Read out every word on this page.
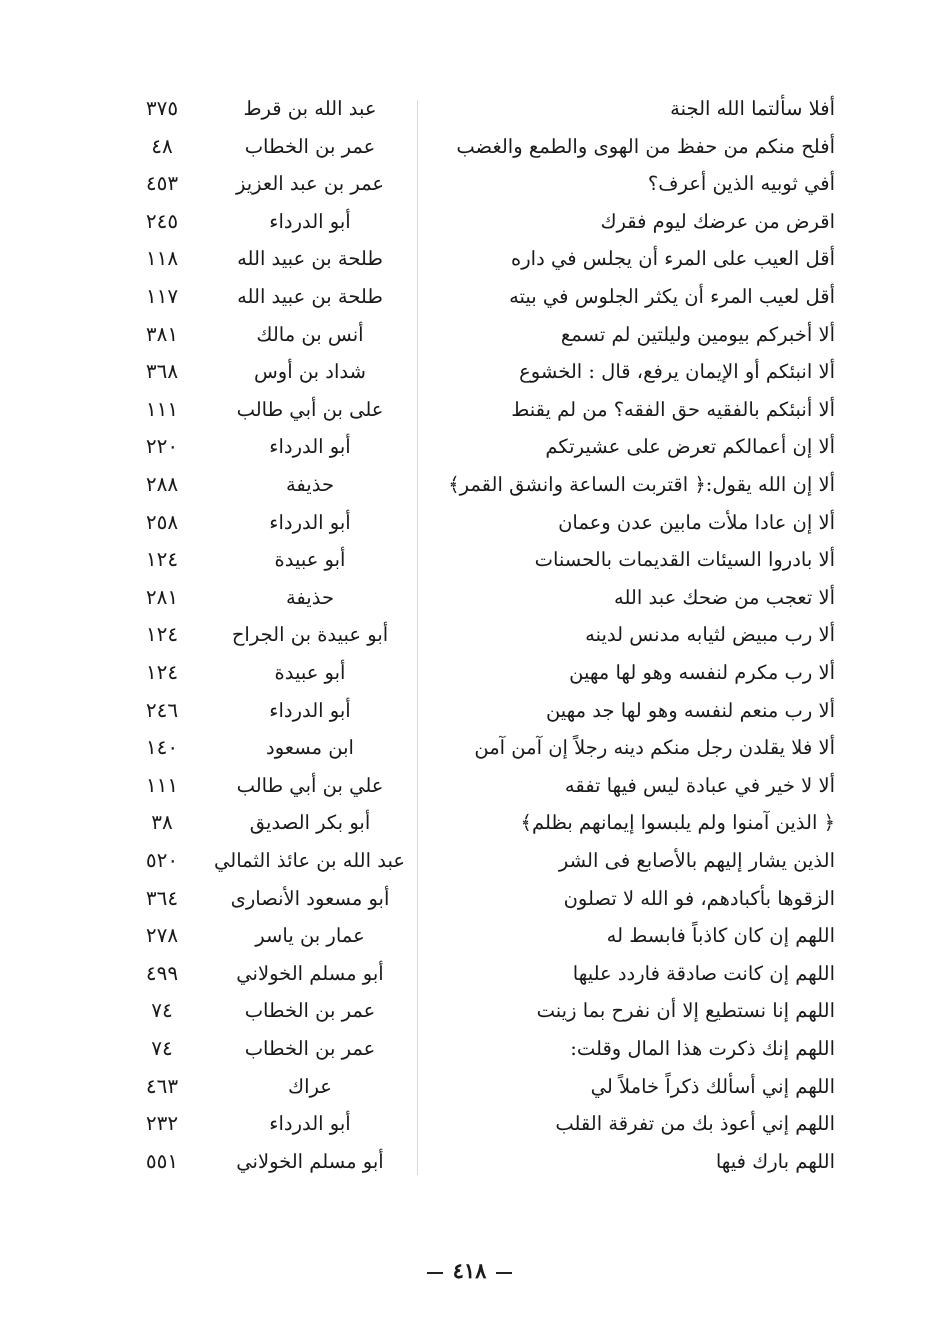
أفلا سألتما الله الجنة
عبد الله بن قرط
٣٧٥
أفلح منكم من حفظ من الهوى والطمع والغضب
عمر بن الخطاب
٤٨
أفي ثوبيه الذين أعرف؟
عمر بن عبد العزيز
٤٥٣
اقرض من عرضك ليوم فقرك
أبو الدرداء
٢٤٥
أقل العيب على المرء أن يجلس في داره
طلحة بن عبيد الله
١١٨
أقل لعيب المرء أن يكثر الجلوس في بيته
طلحة بن عبيد الله
١١٧
ألا أخبركم بيومين وليلتين لم تسمع
أنس بن مالك
٣٨١
ألا انبئكم أو الإيمان يرفع، قال : الخشوع
شداد بن أوس
٣٦٨
ألا أنبئكم بالفقيه حق الفقه؟ من لم يقنط
على بن أبي طالب
١١١
ألا إن أعمالكم تعرض على عشيرتكم
أبو الدرداء
٢٢٠
ألا إن الله يقول:﴿ اقتربت الساعة وانشق القمر﴾
حذيفة
٢٨٨
ألا إن عادا ملأت مابين عدن وعمان
أبو الدرداء
٢٥٨
ألا بادروا السيئات القديمات بالحسنات
أبو عبيدة
١٢٤
ألا تعجب من ضحك عبد الله
حذيفة
٢٨١
ألا رب مبيض لثيابه مدنس لدينه
أبو عبيدة بن الجراح
١٢٤
ألا رب مكرم لنفسه وهو لها مهين
أبو عبيدة
١٢٤
ألا رب منعم لنفسه وهو لها جد مهين
أبو الدرداء
٢٤٦
ألا فلا يقلدن رجل منكم دينه رجلاً إن آمن آمن
ابن مسعود
١٤٠
ألا لا خير في عبادة ليس فيها تفقه
علي بن أبي طالب
١١١
﴿ الذين آمنوا ولم يلبسوا إيمانهم بظلم﴾
أبو بكر الصديق
٣٨
الذين يشار إليهم بالأصابع فى الشر
عبد الله بن عائذ الثمالي
٥٢٠
الزقوها بأكبادهم، فو الله لا تصلون
أبو مسعود الأنصارى
٣٦٤
اللهم إن كان كاذباً فابسط له
عمار بن ياسر
٢٧٨
اللهم إن كانت صادقة فاردد عليها
أبو مسلم الخولاني
٤٩٩
اللهم إنا نستطيع إلا أن نفرح بما زينت
عمر بن الخطاب
٧٤
اللهم إنك ذكرت هذا المال وقلت:
عمر بن الخطاب
٧٤
اللهم إني أسألك ذكراً خاملاً لي
عراك
٤٦٣
اللهم إني أعوذ بك من تفرقة القلب
أبو الدرداء
٢٣٢
اللهم بارك فيها
أبو مسلم الخولاني
٥٥١
٤١٨
